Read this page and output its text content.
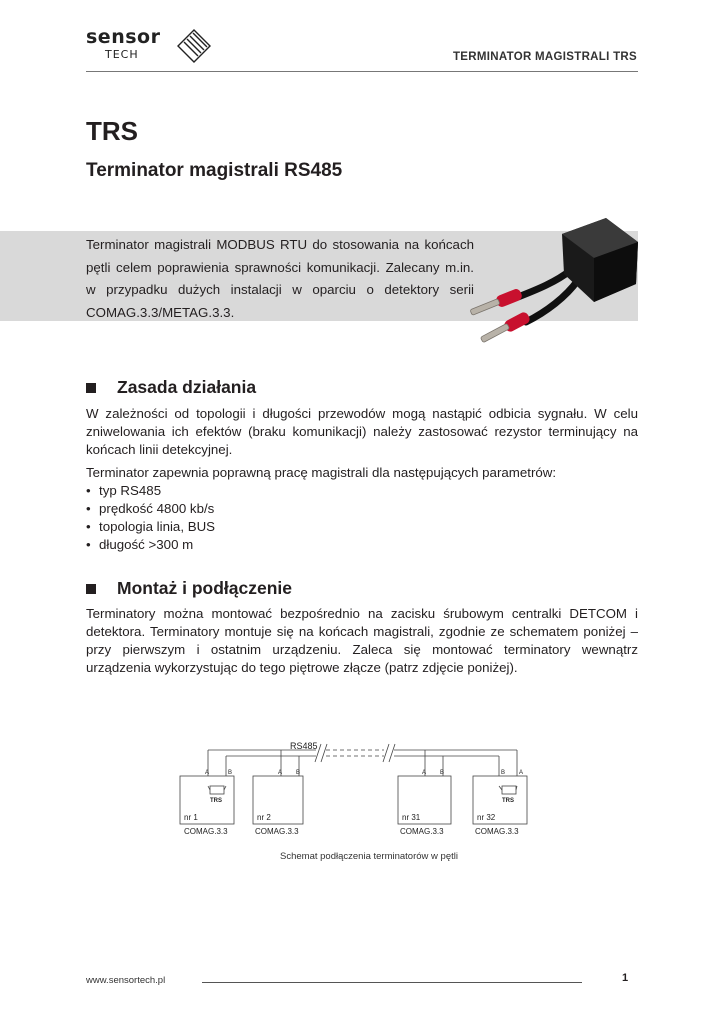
sensor
TECH	TERMINATOR MAGISTRALI TRS
TRS
Terminator magistrali RS485
Terminator magistrali MODBUS RTU do stosowania na końcach pętli celem poprawienia sprawności komunikacji. Zalecany m.in. w przypadku dużych instalacji w oparciu o detektory serii COMAG.3.3/METAG.3.3.
Zasada działania
W zależności od topologii i długości przewodów mogą nastąpić odbicia sygnału. W celu zniwelowania ich efektów (braku komunikacji) należy zastosować rezystor terminujący na końcach linii detekcyjnej.
Terminator zapewnia poprawną pracę magistrali dla następujących parametrów:
• typ RS485
• prędkość 4800 kb/s
• topologia linia, BUS
• długość >300 m
Montaż i podłączenie
Terminatory można montować bezpośrednio na zacisku śrubowym centralki DETCOM i detektora. Terminatory montuje się na końcach magistrali, zgodnie ze schematem poniżej – przy pierwszym i ostatnim urządzeniu. Zaleca się montować terminatory wewnątrz urządzenia wykorzystując do tego piętrowe złącze (patrz zdjęcie poniżej).
RS485
A	B	A B	A B	B A
TRS	TRS
nr 1	nr 2	nr 31	nr 32
COMAG.3.3	COMAG.3.3	COMAG.3.3	COMAG.3.3
Schemat podłączenia terminatorów w pętli
www.sensortech.pl	1
